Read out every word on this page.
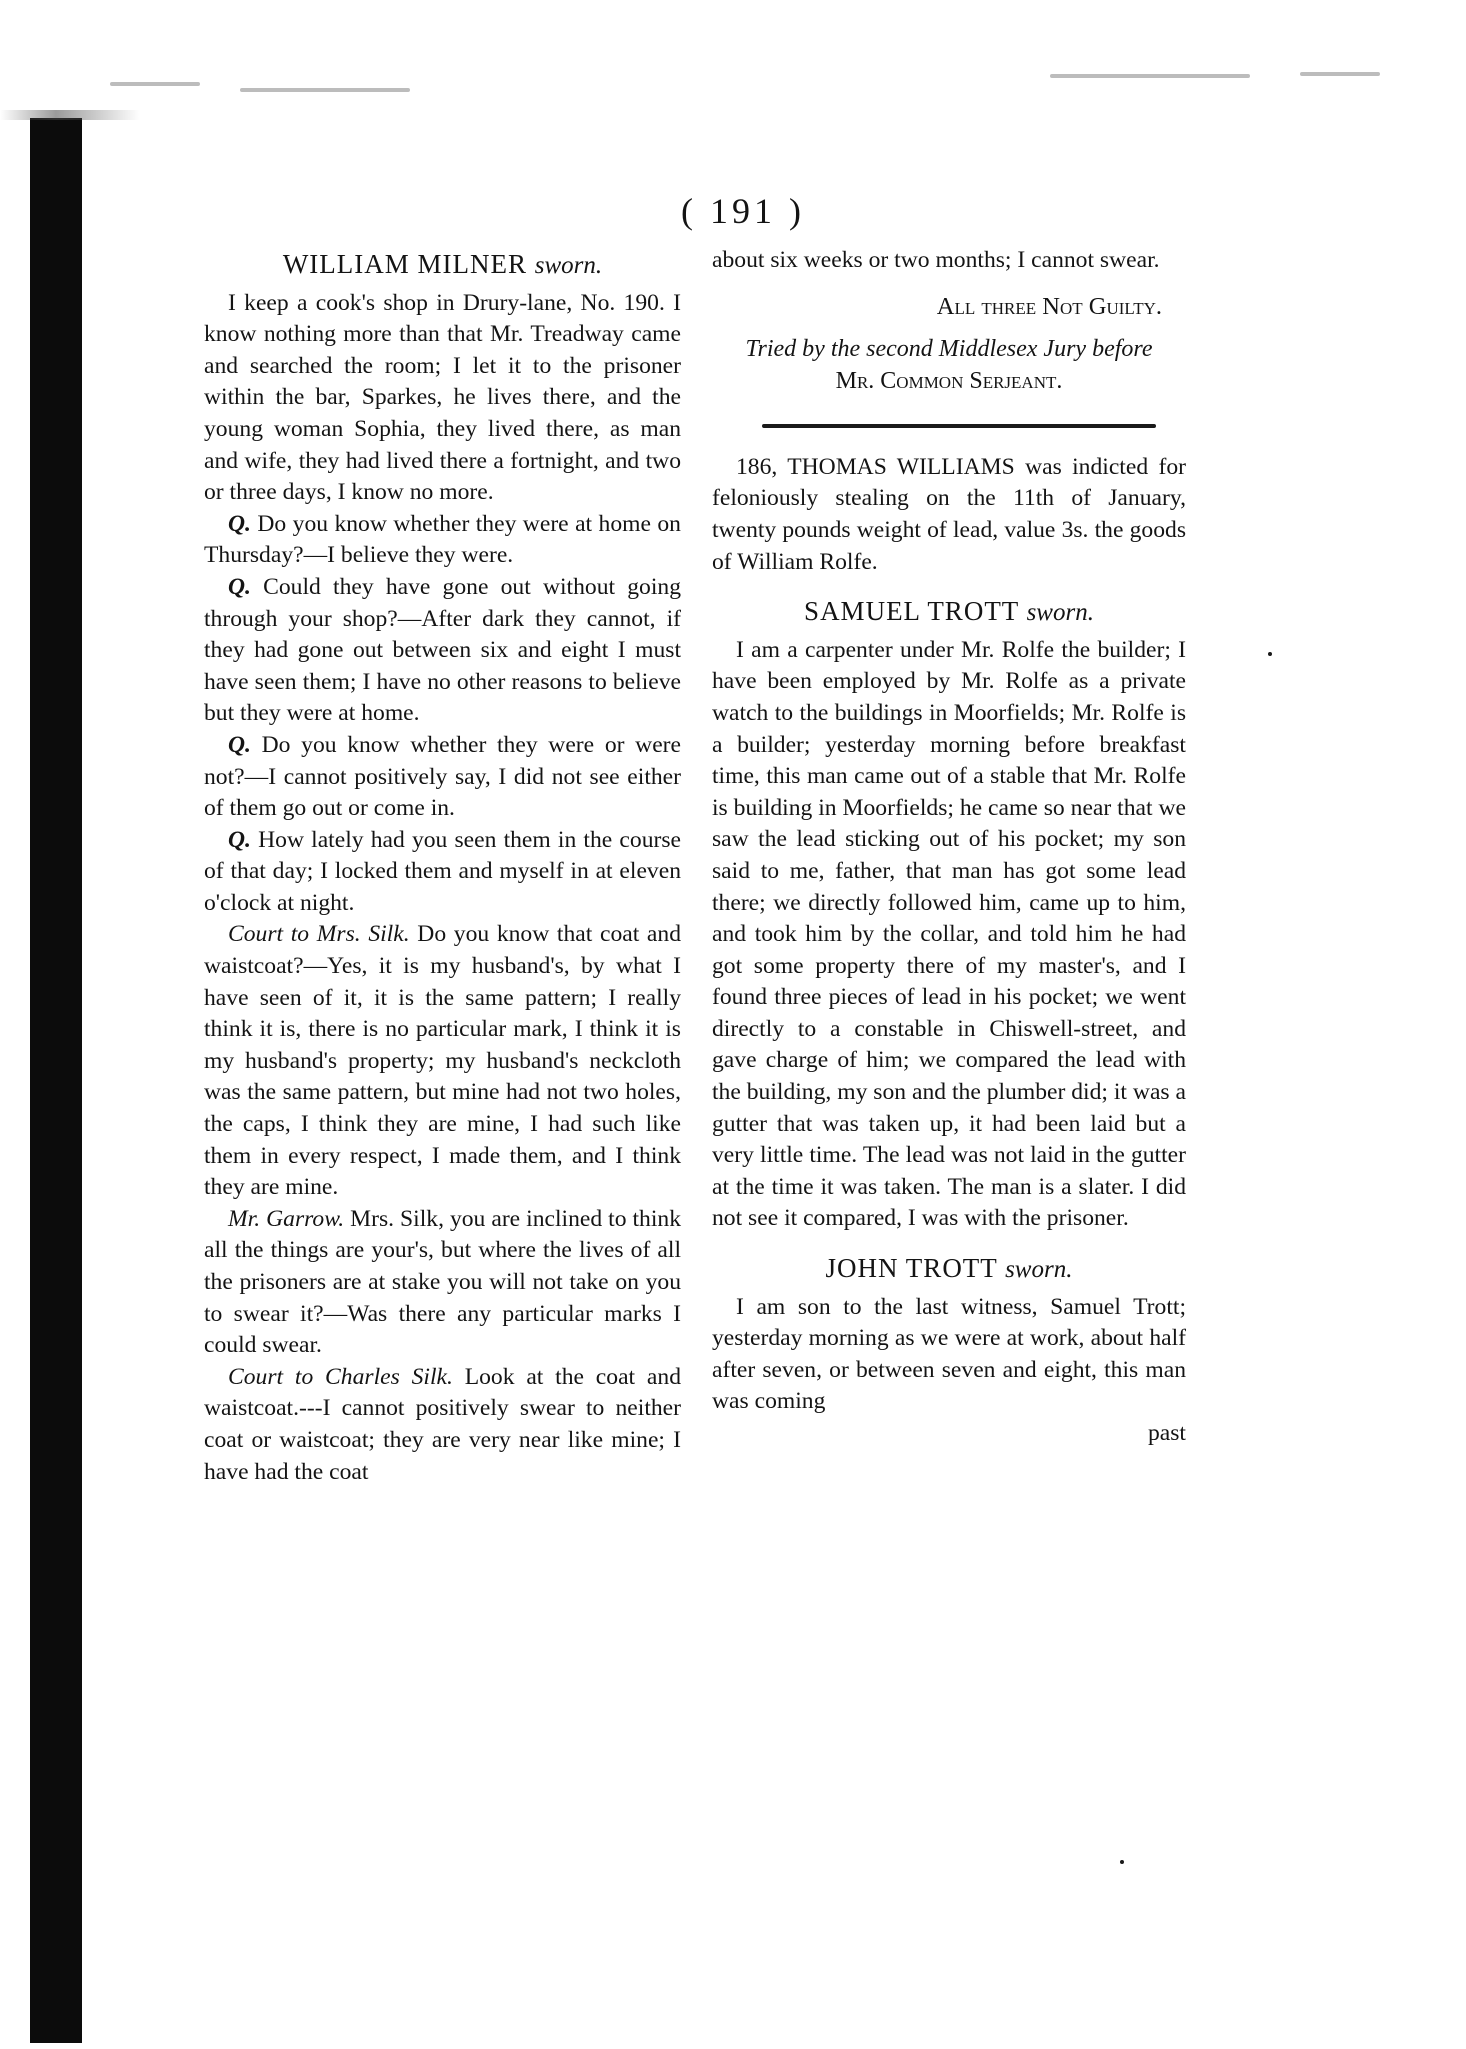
( 191 )

WILLIAM MILNER sworn.

I keep a cook's shop in Drury-lane, No. 190. I know nothing more than that Mr. Treadway came and searched the room; I let it to the prisoner within the bar, Sparkes, he lives there, and the young woman Sophia, they lived there, as man and wife, they had lived there a fortnight, and two or three days, I know no more.

Q. Do you know whether they were at home on Thursday?—I believe they were.

Q. Could they have gone out without going through your shop?—After dark they cannot, if they had gone out between six and eight I must have seen them; I have no other reasons to believe but they were at home.

Q. Do you know whether they were or were not?—I cannot positively say, I did not see either of them go out or come in.

Q. How lately had you seen them in the course of that day; I locked them and myself in at eleven o'clock at night.

Court to Mrs. Silk. Do you know that coat and waistcoat?—Yes, it is my husband's, by what I have seen of it, it is the same pattern; I really think it is, there is no particular mark, I think it is my husband's property; my husband's neckcloth was the same pattern, but mine had not two holes, the caps, I think they are mine, I had such like them in every respect, I made them, and I think they are mine.

Mr. Garrow. Mrs. Silk, you are inclined to think all the things are your's, but where the lives of all the prisoners are at stake you will not take on you to swear it?—Was there any particular marks I could swear.

Court to Charles Silk. Look at the coat and waistcoat.---I cannot positively swear to neither coat or waistcoat; they are very near like mine; I have had the coat

about six weeks or two months; I cannot swear.

All three Not Guilty.

Tried by the second Middlesex Jury before

Mr. Common Serjeant.

186, THOMAS WILLIAMS was indicted for feloniously stealing on the 11th of January, twenty pounds weight of lead, value 3s. the goods of William Rolfe.

SAMUEL TROTT sworn.

I am a carpenter under Mr. Rolfe the builder; I have been employed by Mr. Rolfe as a private watch to the buildings in Moorfields; Mr. Rolfe is a builder; yesterday morning before breakfast time, this man came out of a stable that Mr. Rolfe is building in Moorfields; he came so near that we saw the lead sticking out of his pocket; my son said to me, father, that man has got some lead there; we directly followed him, came up to him, and took him by the collar, and told him he had got some property there of my master's, and I found three pieces of lead in his pocket; we went directly to a constable in Chiswell-street, and gave charge of him; we compared the lead with the building, my son and the plumber did; it was a gutter that was taken up, it had been laid but a very little time. The lead was not laid in the gutter at the time it was taken. The man is a slater. I did not see it compared, I was with the prisoner.

JOHN TROTT sworn.

I am son to the last witness, Samuel Trott; yesterday morning as we were at work, about half after seven, or between seven and eight, this man was coming

past
